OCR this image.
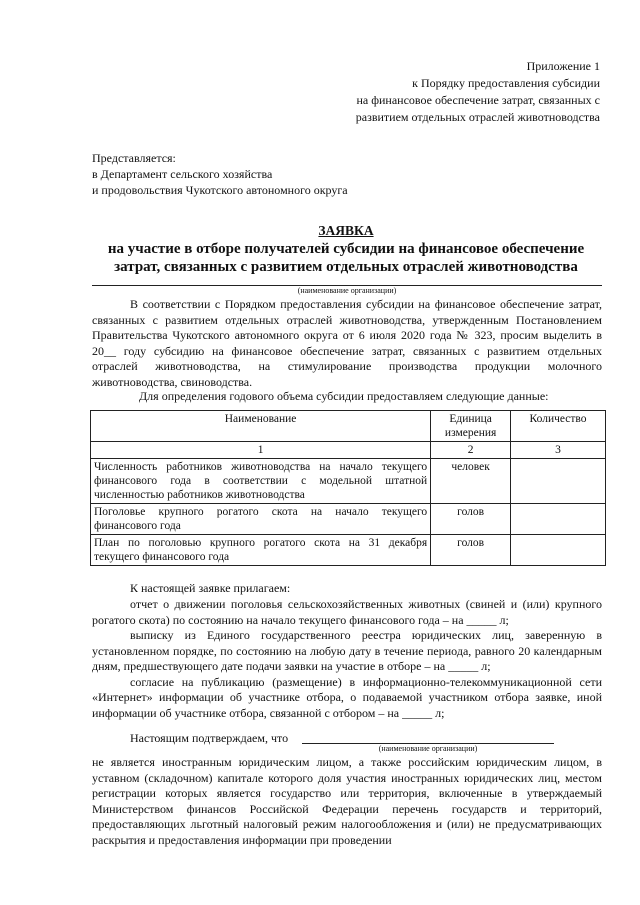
Приложение 1
к Порядку предоставления субсидии
на финансовое обеспечение затрат, связанных с
развитием отдельных отраслей животноводства
Представляется:
в Департамент сельского хозяйства
и продовольствия Чукотского автономного округа
ЗАЯВКА
на участие в отборе получателей субсидии на финансовое обеспечение
затрат, связанных с развитием отдельных отраслей животноводства
(наименование организации)
В соответствии с Порядком предоставления субсидии на финансовое обеспечение затрат, связанных с развитием отдельных отраслей животноводства, утвержденным Постановлением Правительства Чукотского автономного округа от 6 июля 2020 года № 323, просим выделить в 20__ году субсидию на финансовое обеспечение затрат, связанных с развитием отдельных отраслей животноводства, на стимулирование производства продукции молочного животноводства, свиноводства.
Для определения годового объема субсидии предоставляем следующие данные:
Наименование	Единица измерения	Количество
1	2	3
Численность работников животноводства на начало текущего финансового года в соответствии с модельной штатной численностью работников животноводства	человек	
Поголовье крупного рогатого скота на начало текущего финансового года	голов	
План по поголовью крупного рогатого скота на 31 декабря текущего финансового года	голов	
К настоящей заявке прилагаем:

отчет о движении поголовья сельскохозяйственных животных (свиней и (или) крупного рогатого скота) по состоянию на начало текущего финансового года – на _____ л;

выписку из Единого государственного реестра юридических лиц, заверенную в установленном порядке, по состоянию на любую дату в течение периода, равного 20 календарным дням, предшествующего дате подачи заявки на участие в отборе – на _____ л;

согласие на публикацию (размещение) в информационно-телекоммуникационной сети «Интернет» информации об участнике отбора, о подаваемой участником отбора заявке, иной информации об участнике отбора, связанной с отбором – на _____ л;

Настоящим подтверждаем, что
(наименование организации)
не является иностранным юридическим лицом, а также российским юридическим лицом, в уставном (складочном) капитале которого доля участия иностранных юридических лиц, местом регистрации которых является государство или территория, включенные в утверждаемый Министерством финансов Российской Федерации перечень государств и территорий, предоставляющих льготный налоговый режим налогообложения и (или) не предусматривающих раскрытия и предоставления информации при проведении
